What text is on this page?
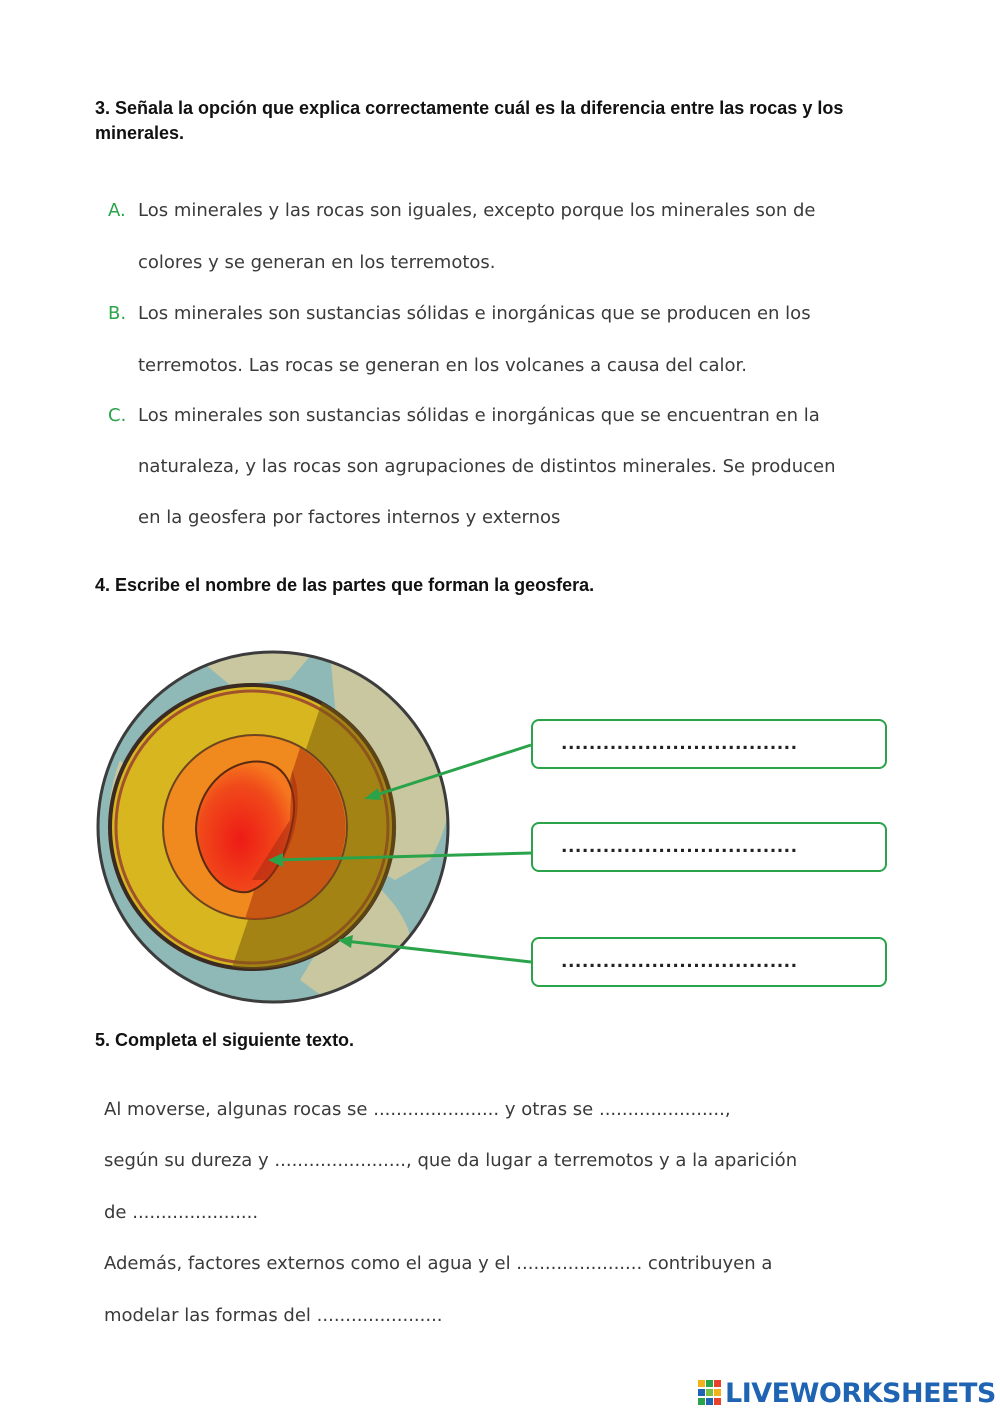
3. Señala la opción que explica correctamente cuál es la diferencia entre las rocas y los minerales.

A. Los minerales y las rocas son iguales, excepto porque los minerales son de
colores y se generan en los terremotos.
B. Los minerales son sustancias sólidas e inorgánicas que se producen en los
terremotos. Las rocas se generan en los volcanes a causa del calor.
C. Los minerales son sustancias sólidas e inorgánicas que se encuentran en la
naturaleza, y las rocas son agrupaciones de distintos minerales. Se producen
en la geosfera por factores internos y externos

4. Escribe el nombre de las partes que forman la geosfera.

..................................
..................................
..................................

5. Completa el siguiente texto.

Al moverse, algunas rocas se ...................... y otras se ......................,
según su dureza y ......................., que da lugar a terremotos y a la aparición
de ......................
Además, factores externos como el agua y el ...................... contribuyen a
modelar las formas del ......................
LIVEWORKSHEETS
